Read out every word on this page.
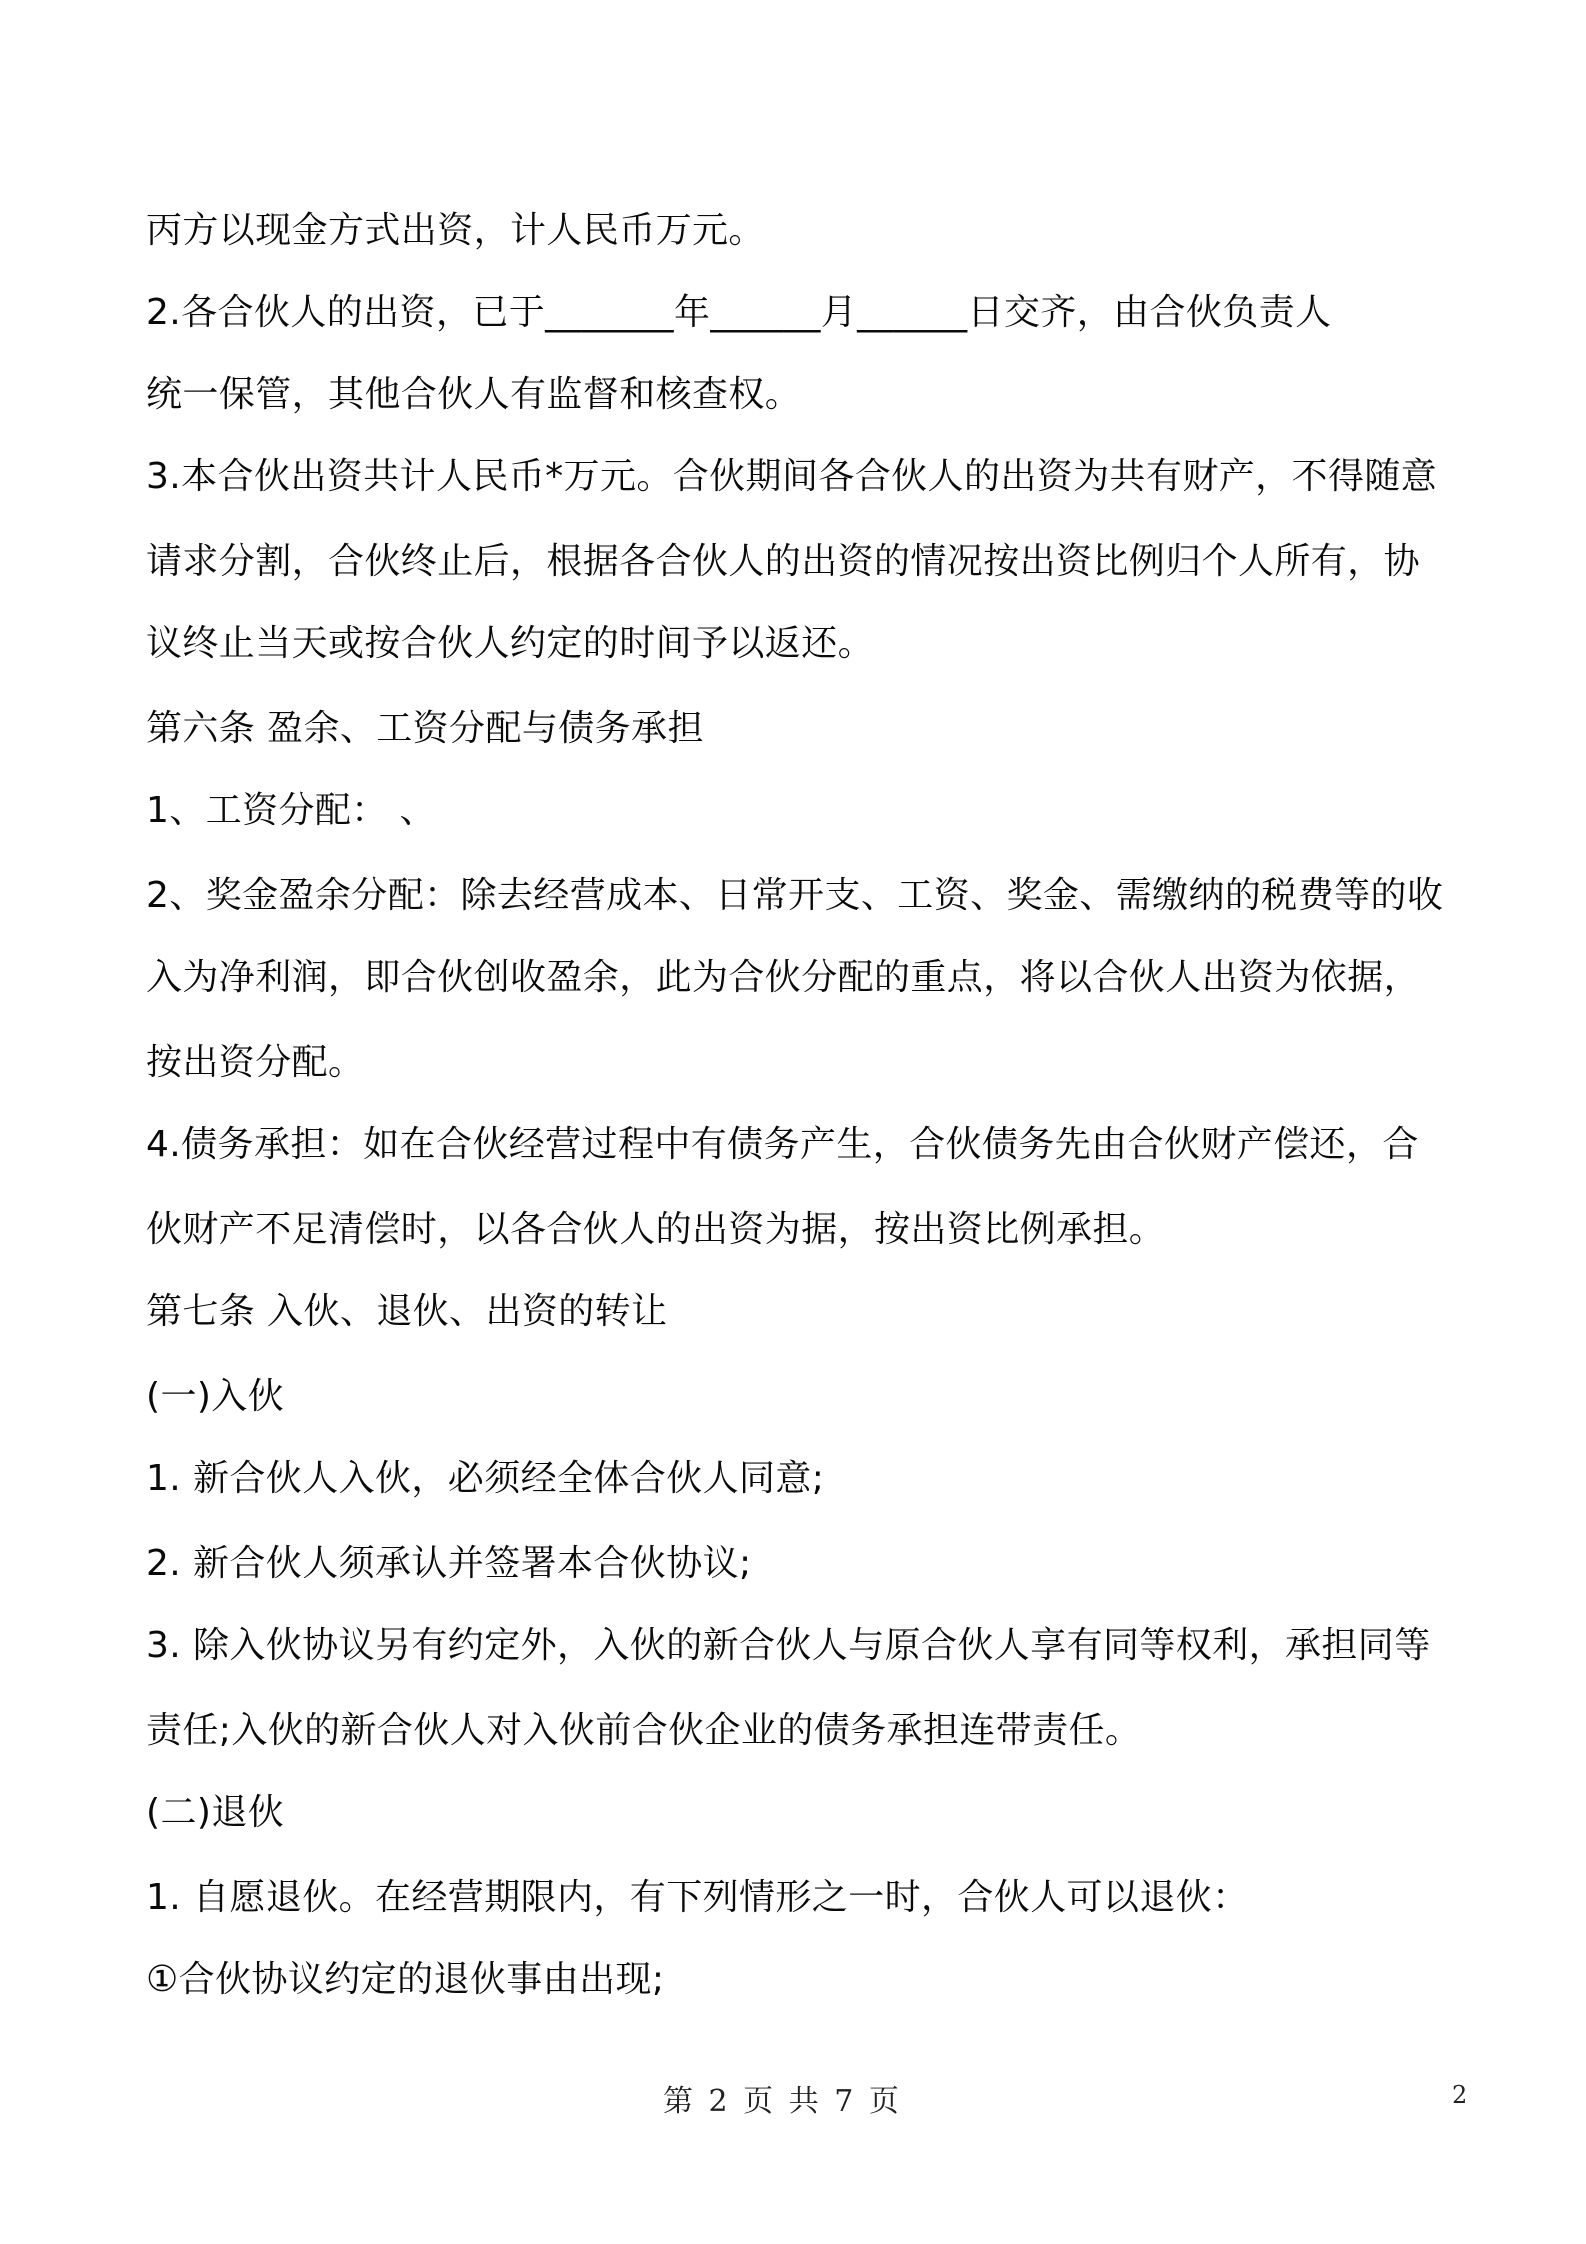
丙方以现金方式出资，计人民币万元。
2.各合伙人的出资，已于_______年______月______日交齐，由合伙负责人
统一保管，其他合伙人有监督和核查权。
3.本合伙出资共计人民币*万元。合伙期间各合伙人的出资为共有财产，不得随意
请求分割，合伙终止后，根据各合伙人的出资的情况按出资比例归个人所有，协
议终止当天或按合伙人约定的时间予以返还。
第六条 盈余、工资分配与债务承担
1、工资分配： 、
2、奖金盈余分配：除去经营成本、日常开支、工资、奖金、需缴纳的税费等的收
入为净利润，即合伙创收盈余，此为合伙分配的重点，将以合伙人出资为依据，
按出资分配。
4.债务承担：如在合伙经营过程中有债务产生，合伙债务先由合伙财产偿还，合
伙财产不足清偿时，以各合伙人的出资为据，按出资比例承担。
第七条 入伙、退伙、出资的转让
(一)入伙
1. 新合伙人入伙，必须经全体合伙人同意;
2. 新合伙人须承认并签署本合伙协议;
3. 除入伙协议另有约定外，入伙的新合伙人与原合伙人享有同等权利，承担同等
责任;入伙的新合伙人对入伙前合伙企业的债务承担连带责任。
(二)退伙
1. 自愿退伙。在经营期限内，有下列情形之一时，合伙人可以退伙：
①合伙协议约定的退伙事由出现;
第 2 页 共 7 页	2
